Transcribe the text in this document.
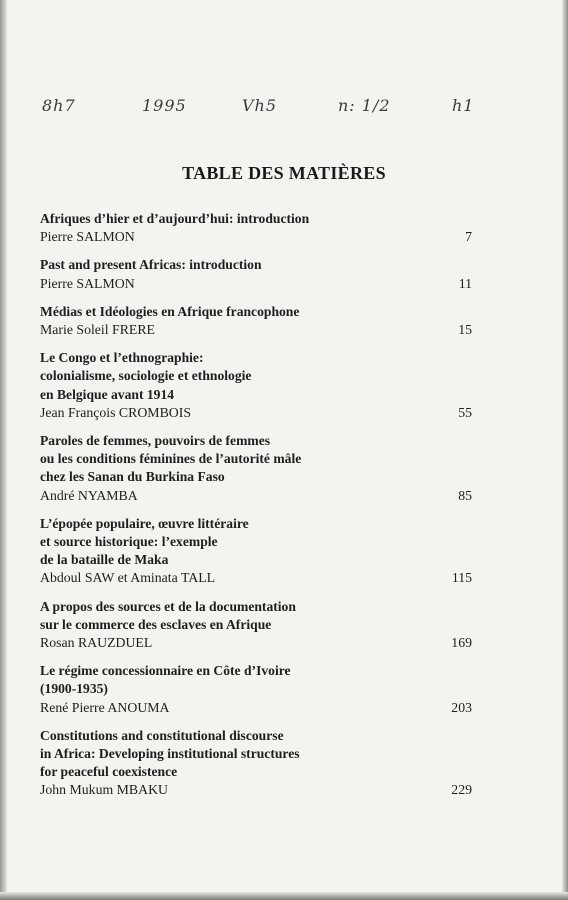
8h7	1995	Vh5	n: 1/2	h1
TABLE DES MATIÈRES
Afriques d’hier et d’aujourd’hui: introduction
Pierre SALMON	7
Past and present Africas: introduction
Pierre SALMON	11
Médias et Idéologies en Afrique francophone
Marie Soleil FRERE	15
Le Congo et l’ethnographie:
colonialisme, sociologie et ethnologie
en Belgique avant 1914
Jean François CROMBOIS	55
Paroles de femmes, pouvoirs de femmes
ou les conditions féminines de l’autorité mâle
chez les Sanan du Burkina Faso
André NYAMBA	85
L’épopée populaire, œuvre littéraire
et source historique: l’exemple
de la bataille de Maka
Abdoul SAW et Aminata TALL	115
A propos des sources et de la documentation
sur le commerce des esclaves en Afrique
Rosan RAUZDUEL	169
Le régime concessionnaire en Côte d’Ivoire
(1900-1935)
René Pierre ANOUMA	203
Constitutions and constitutional discourse
in Africa: Developing institutional structures
for peaceful coexistence
John Mukum MBAKU	229
